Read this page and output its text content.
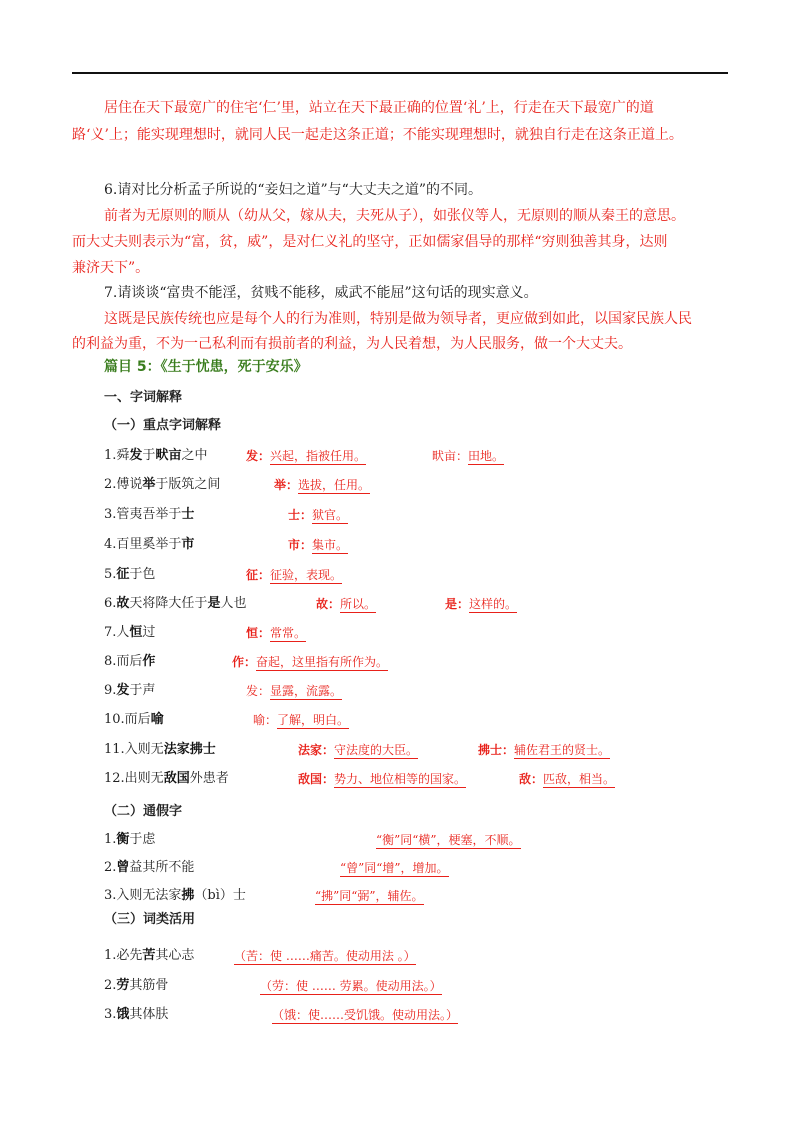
居住在天下最宽广的住宅‘仁’里，站立在天下最正确的位置‘礼’上，行走在天下最宽广的道
路‘义’上；能实现理想时，就同人民一起走这条正道；不能实现理想时，就独自行走在这条正道上。
6.请对比分析孟子所说的“妾妇之道”与“大丈夫之道”的不同。
前者为无原则的顺从（幼从父，嫁从夫，夫死从子），如张仪等人，无原则的顺从秦王的意思。
而大丈夫则表示为“富，贫，威”，是对仁义礼的坚守，正如儒家倡导的那样“穷则独善其身，达则
兼济天下”。
7.请谈谈“富贵不能淫，贫贱不能移，威武不能屈”这句话的现实意义。
这既是民族传统也应是每个人的行为准则，特别是做为领导者，更应做到如此，以国家民族人民
的利益为重，不为一己私利而有损前者的利益，为人民着想，为人民服务，做一个大丈夫。
篇目 5：《生于忧患，死于安乐》
一、字词解释
（一）重点字词解释
1.舜发于畎亩之中	发：兴起，指被任用。	畎亩：田地。
2.傅说举于版筑之间	举：选拔，任用。
3.管夷吾举于士	士：狱官。
4.百里奚举于市	市：集市。
5.征于色	征：征验，表现。
6.故天将降大任于是人也	故：所以。	是：这样的。
7.人恒过	恒：常常。
8.而后作	作：奋起，这里指有所作为。
9.发于声	发：显露，流露。
10.而后喻	喻：了解，明白。
11.入则无法家拂士	法家：守法度的大臣。	拂士：辅佐君王的贤士。
12.出则无敌国外患者	敌国：势力、地位相等的国家。	敌：匹敌，相当。
（二）通假字
1.衡于虑	“衡”同“横”，梗塞，不顺。
2.曾益其所不能	“曾”同“增”，增加。
3.入则无法家拂（bì）士	“拂”同“弼”，辅佐。
（三）词类活用
1.必先苦其心志	（苦：使 ……痛苦。使动用法 。）
2.劳其筋骨	（劳：使 …… 劳累。使动用法。）
3.饿其体肤	（饿：使……受饥饿。使动用法。）
